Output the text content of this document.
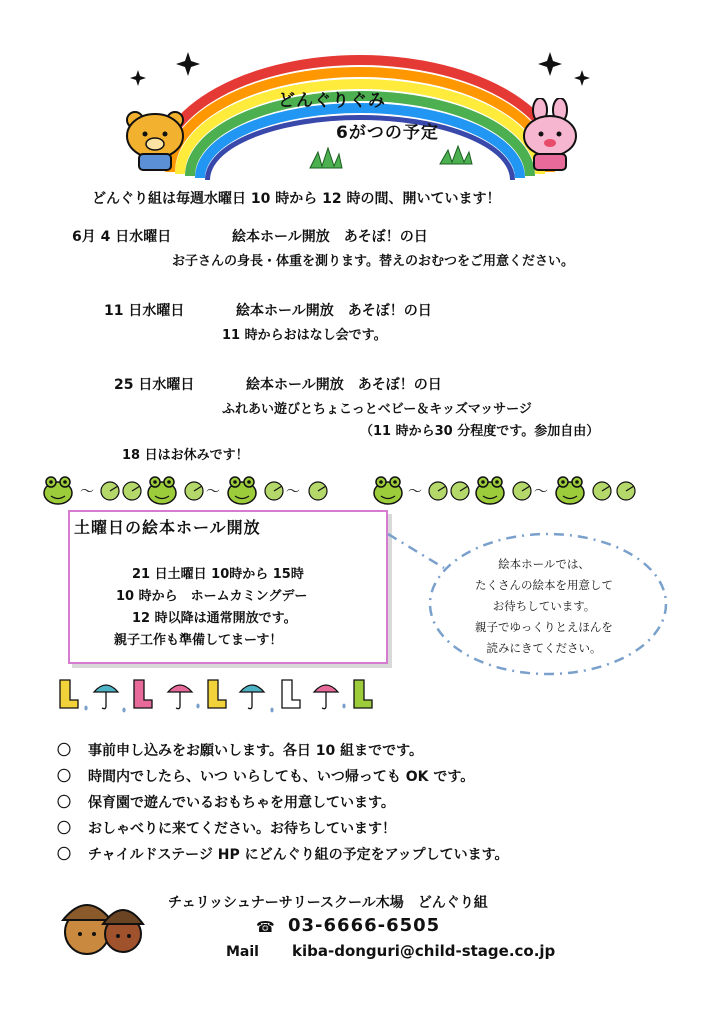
どんぐりぐみ
6がつの予定
どんぐり組は毎週水曜日 10 時から 12 時の間、開いています！
6月 4 日水曜日	絵本ホール開放　あそぼ！の日
お子さんの身長・体重を測ります。替えのおむつをご用意ください。
11 日水曜日	絵本ホール開放　あそぼ！の日
11 時からおはなし会です。
25 日水曜日	絵本ホール開放　あそぼ！の日
ふれあい遊びとちょこっとベビー＆キッズマッサージ
（11 時から30 分程度です。参加自由）
18 日はお休みです！
〜	〜	〜	〜	〜
土曜日の絵本ホール開放
21 日土曜日 10時から 15時
10 時から　ホームカミングデー
12 時以降は通常開放です。
親子工作も準備してまーす！
絵本ホールでは、
たくさんの絵本を用意して
お待ちしています。
親子でゆっくりとえほんを
読みにきてください。
〇	事前申し込みをお願いします。各日 10 組までです。
〇	時間内でしたら、いつ いらしても、いつ帰っても OK です。
〇	保育園で遊んでいるおもちゃを用意しています。
〇	おしゃべりに来てください。お待ちしています！
〇	チャイルドステージ HP にどんぐり組の予定をアップしています。
チェリッシュナーサリースクール木場　どんぐり組
☎ 03-6666-6505
Mail kiba-donguri@child-stage.co.jp
